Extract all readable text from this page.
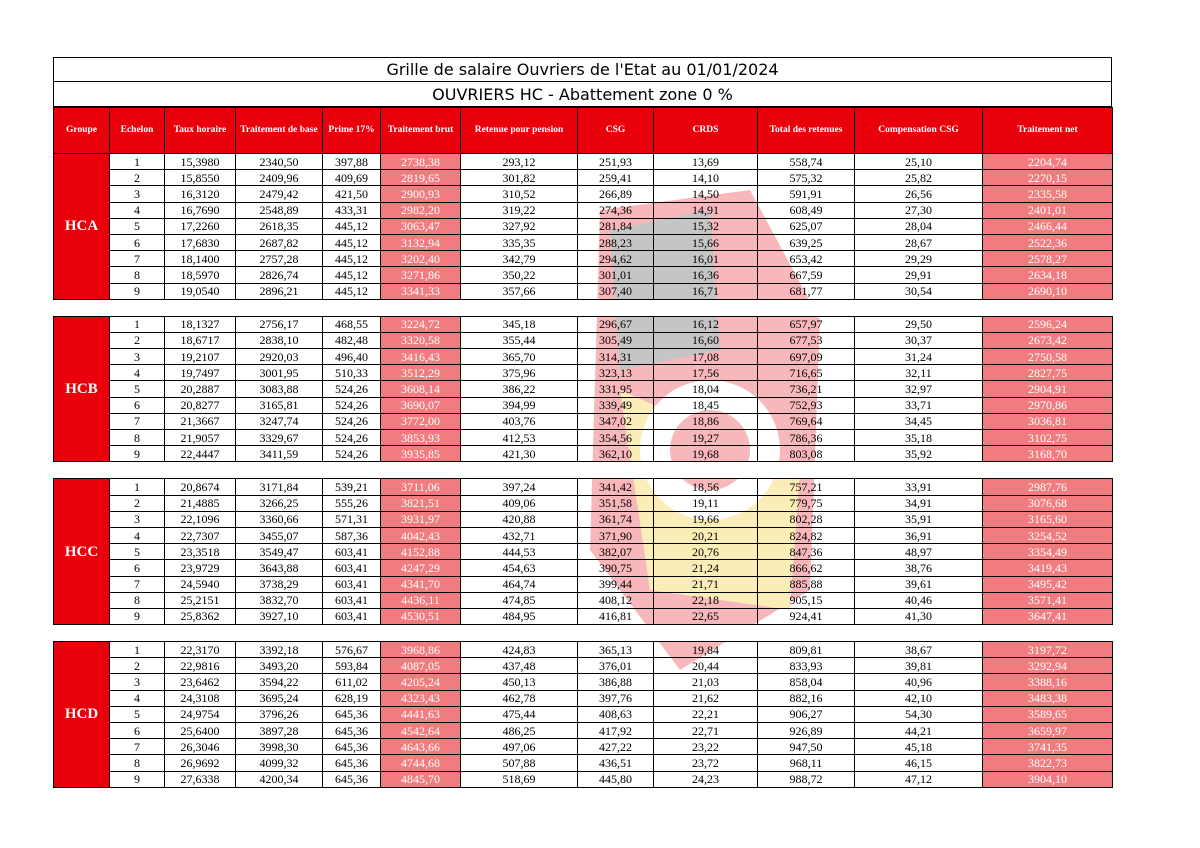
Grille de salaire Ouvriers de l'Etat au 01/01/2024
OUVRIERS HC - Abattement zone 0 %
Groupe	Echelon	Taux horaire	Traitement de base	Prime 17%	Traitement brut	Retenue pour pension	CSG	CRDS	Total des retenues	Compensation CSG	Traitement net
HCA	1	15,3980	2340,50	397,88	2738,38	293,12	251,93	13,69	558,74	25,10	2204,74
	2	15,8550	2409,96	409,69	2819,65	301,82	259,41	14,10	575,32	25,82	2270,15
	3	16,3120	2479,42	421,50	2900,93	310,52	266,89	14,50	591,91	26,56	2335,58
	4	16,7690	2548,89	433,31	2982,20	319,22	274,36	14,91	608,49	27,30	2401,01
	5	17,2260	2618,35	445,12	3063,47	327,92	281,84	15,32	625,07	28,04	2466,44
	6	17,6830	2687,82	445,12	3132,94	335,35	288,23	15,66	639,25	28,67	2522,36
	7	18,1400	2757,28	445,12	3202,40	342,79	294,62	16,01	653,42	29,29	2578,27
	8	18,5970	2826,74	445,12	3271,86	350,22	301,01	16,36	667,59	29,91	2634,18
	9	19,0540	2896,21	445,12	3341,33	357,66	307,40	16,71	681,77	30,54	2690,10

HCB	1	18,1327	2756,17	468,55	3224,72	345,18	296,67	16,12	657,97	29,50	2596,24
	2	18,6717	2838,10	482,48	3320,58	355,44	305,49	16,60	677,53	30,37	2673,42
	3	19,2107	2920,03	496,40	3416,43	365,70	314,31	17,08	697,09	31,24	2750,58
	4	19,7497	3001,95	510,33	3512,29	375,96	323,13	17,56	716,65	32,11	2827,75
	5	20,2887	3083,88	524,26	3608,14	386,22	331,95	18,04	736,21	32,97	2904,91
	6	20,8277	3165,81	524,26	3690,07	394,99	339,49	18,45	752,93	33,71	2970,86
	7	21,3667	3247,74	524,26	3772,00	403,76	347,02	18,86	769,64	34,45	3036,81
	8	21,9057	3329,67	524,26	3853,93	412,53	354,56	19,27	786,36	35,18	3102,75
	9	22,4447	3411,59	524,26	3935,85	421,30	362,10	19,68	803,08	35,92	3168,70

HCC	1	20,8674	3171,84	539,21	3711,06	397,24	341,42	18,56	757,21	33,91	2987,76
	2	21,4885	3266,25	555,26	3821,51	409,06	351,58	19,11	779,75	34,91	3076,68
	3	22,1096	3360,66	571,31	3931,97	420,88	361,74	19,66	802,28	35,91	3165,60
	4	22,7307	3455,07	587,36	4042,43	432,71	371,90	20,21	824,82	36,91	3254,52
	5	23,3518	3549,47	603,41	4152,88	444,53	382,07	20,76	847,36	48,97	3354,49
	6	23,9729	3643,88	603,41	4247,29	454,63	390,75	21,24	866,62	38,76	3419,43
	7	24,5940	3738,29	603,41	4341,70	464,74	399,44	21,71	885,88	39,61	3495,42
	8	25,2151	3832,70	603,41	4436,11	474,85	408,12	22,18	905,15	40,46	3571,41
	9	25,8362	3927,10	603,41	4530,51	484,95	416,81	22,65	924,41	41,30	3647,41

HCD	1	22,3170	3392,18	576,67	3968,86	424,83	365,13	19,84	809,81	38,67	3197,72
	2	22,9816	3493,20	593,84	4087,05	437,48	376,01	20,44	833,93	39,81	3292,94
	3	23,6462	3594,22	611,02	4205,24	450,13	386,88	21,03	858,04	40,96	3388,16
	4	24,3108	3695,24	628,19	4323,43	462,78	397,76	21,62	882,16	42,10	3483,38
	5	24,9754	3796,26	645,36	4441,63	475,44	408,63	22,21	906,27	54,30	3589,65
	6	25,6400	3897,28	645,36	4542,64	486,25	417,92	22,71	926,89	44,21	3659,97
	7	26,3046	3998,30	645,36	4643,66	497,06	427,22	23,22	947,50	45,18	3741,35
	8	26,9692	4099,32	645,36	4744,68	507,88	436,51	23,72	968,11	46,15	3822,73
	9	27,6338	4200,34	645,36	4845,70	518,69	445,80	24,23	988,72	47,12	3904,10
